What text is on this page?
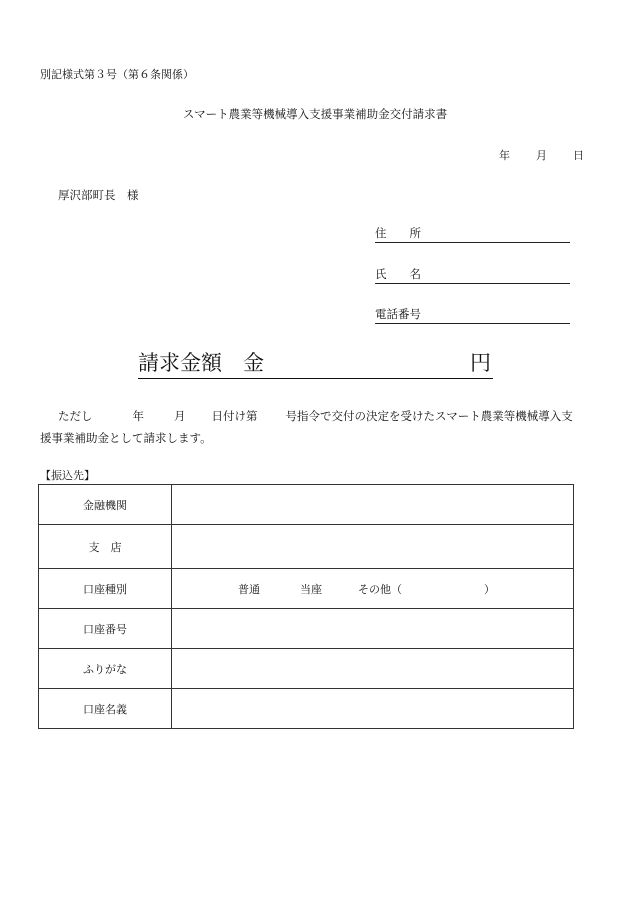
別記様式第３号（第６条関係）
スマート農業等機械導入支援事業補助金交付請求書
年 月 日
厚沢部町長　様
住　　所
氏　　名
電話番号
請求金額　金	円
ただし	年	月 日付け第 号指令で交付の決定を受けたスマート農業等機械導入支
援事業補助金として請求します。
【振込先】
金融機関	
支　店	
口座種別	普通 当座 その他（ ）

口座番号	
ふりがな	
口座名義	
